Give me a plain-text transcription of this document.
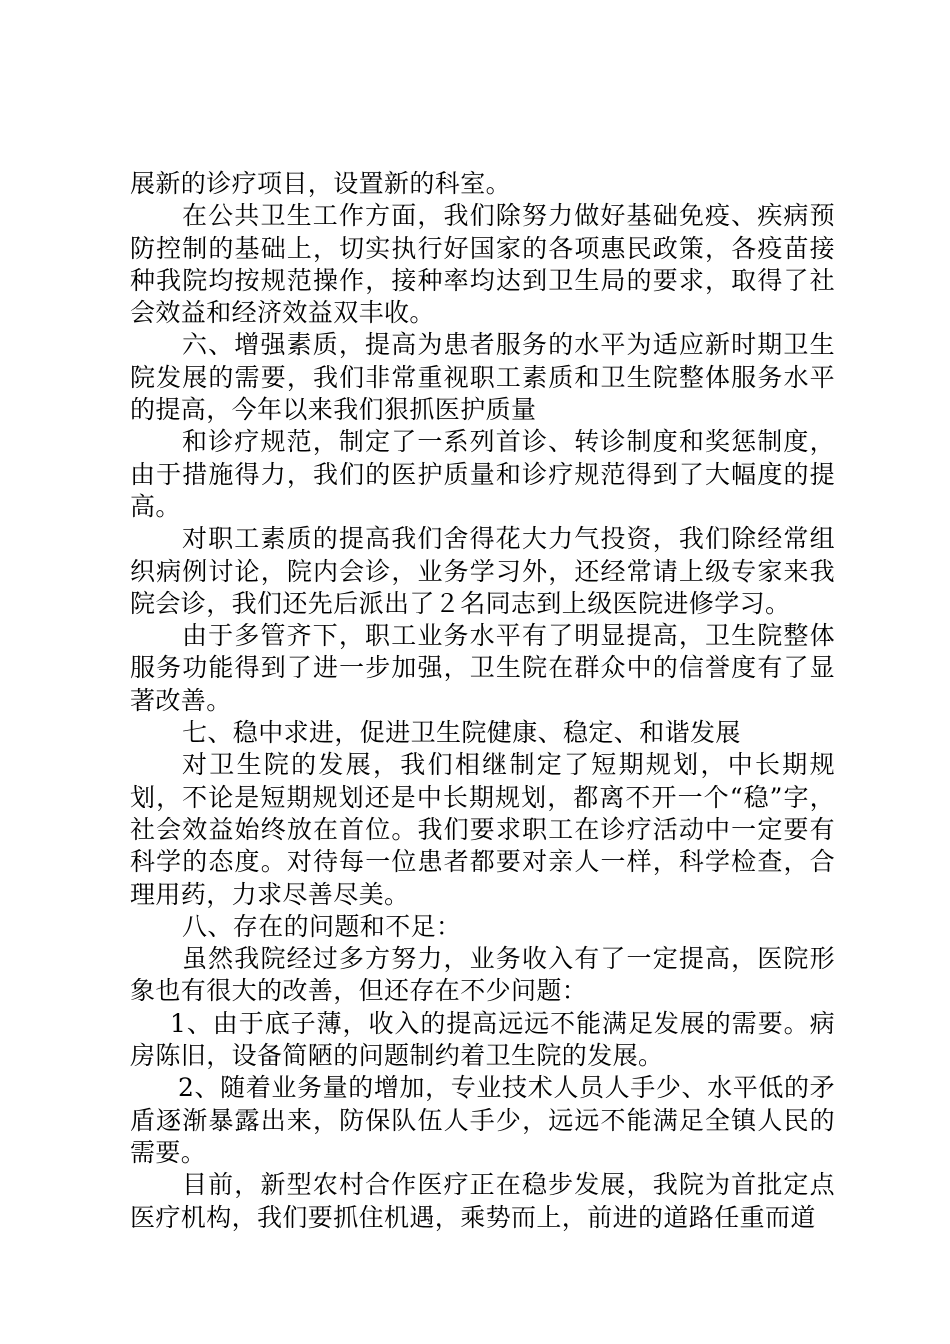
展新的诊疗项目，设置新的科室。

在公共卫生工作方面，我们除努力做好基础免疫、疾病预防控制的基础上，切实执行好国家的各项惠民政策，各疫苗接种我院均按规范操作，接种率均达到卫生局的要求，取得了社会效益和经济效益双丰收。

六、增强素质，提高为患者服务的水平为适应新时期卫生院发展的需要，我们非常重视职工素质和卫生院整体服务水平的提高，今年以来我们狠抓医护质量

和诊疗规范，制定了一系列首诊、转诊制度和奖惩制度，由于措施得力，我们的医护质量和诊疗规范得到了大幅度的提高。

对职工素质的提高我们舍得花大力气投资，我们除经常组织病例讨论，院内会诊，业务学习外，还经常请上级专家来我院会诊，我们还先后派出了２名同志到上级医院进修学习。

由于多管齐下，职工业务水平有了明显提高，卫生院整体服务功能得到了进一步加强，卫生院在群众中的信誉度有了显著改善。

七、稳中求进，促进卫生院健康、稳定、和谐发展

对卫生院的发展，我们相继制定了短期规划，中长期规划，不论是短期规划还是中长期规划，都离不开一个“稳”字，社会效益始终放在首位。我们要求职工在诊疗活动中一定要有科学的态度。对待每一位患者都要对亲人一样，科学检查，合理用药，力求尽善尽美。

八、存在的问题和不足：

虽然我院经过多方努力，业务收入有了一定提高，医院形象也有很大的改善，但还存在不少问题：

1、由于底子薄，收入的提高远远不能满足发展的需要。病房陈旧，设备简陋的问题制约着卫生院的发展。

2、随着业务量的增加，专业技术人员人手少、水平低的矛盾逐渐暴露出来，防保队伍人手少，远远不能满足全镇人民的需要。

目前，新型农村合作医疗正在稳步发展，我院为首批定点医疗机构，我们要抓住机遇，乘势而上，前进的道路任重而道
